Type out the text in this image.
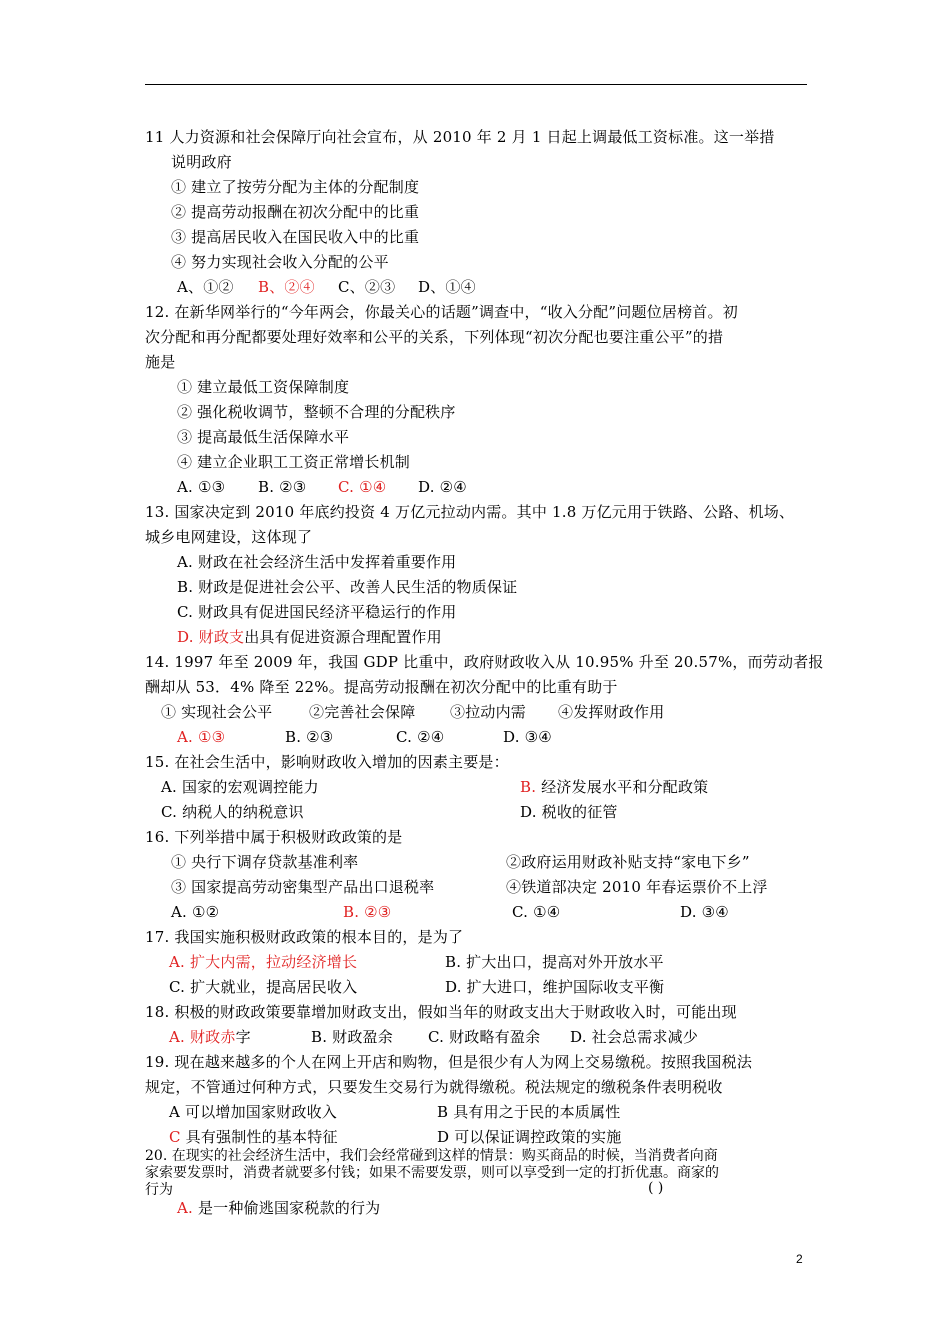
11 人力资源和社会保障厅向社会宣布，从 2010 年 2 月 1 日起上调最低工资标准。这一举措
说明政府
① 建立了按劳分配为主体的分配制度
② 提高劳动报酬在初次分配中的比重
③ 提高居民收入在国民收入中的比重
④ 努力实现社会收入分配的公平
A、①② B、②④ C、②③ D、①④
12. 在新华网举行的“今年两会，你最关心的话题”调查中，“收入分配”问题位居榜首。初
次分配和再分配都要处理好效率和公平的关系，下列体现“初次分配也要注重公平”的措
施是
① 建立最低工资保障制度
② 强化税收调节，整顿不合理的分配秩序
③ 提高最低生活保障水平
④ 建立企业职工工资正常增长机制
A. ①③ B. ②③ C. ①④ D. ②④
13. 国家决定到 2010 年底约投资 4 万亿元拉动内需。其中 1.8 万亿元用于铁路、公路、机场、
城乡电网建设，这体现了
A. 财政在社会经济生活中发挥着重要作用
B. 财政是促进社会公平、改善人民生活的物质保证
C. 财政具有促进国民经济平稳运行的作用
D. 财政支出具有促进资源合理配置作用
14. 1997 年至 2009 年，我国 GDP 比重中，政府财政收入从 10.95% 升至 20.57%，而劳动者报
酬却从 53．4% 降至 22%。提高劳动报酬在初次分配中的比重有助于
① 实现社会公平 ②完善社会保障 ③拉动内需 ④发挥财政作用
A. ①③	B. ②③	C. ②④	D. ③④
15. 在社会生活中，影响财政收入增加的因素主要是：
A. 国家的宏观调控能力	B. 经济发展水平和分配政策
C. 纳税人的纳税意识	D. 税收的征管
16. 下列举措中属于积极财政政策的是
① 央行下调存贷款基准利率	②政府运用财政补贴支持“家电下乡”
③ 国家提高劳动密集型产品出口退税率	④铁道部决定 2010 年春运票价不上浮
A. ①②	B. ②③	C. ①④	D. ③④
17. 我国实施积极财政政策的根本目的，是为了
A. 扩大内需，拉动经济增长	B. 扩大出口，提高对外开放水平
C. 扩大就业，提高居民收入	D. 扩大进口，维护国际收支平衡
18. 积极的财政政策要靠增加财政支出，假如当年的财政支出大于财政收入时，可能出现
A. 财政赤字	B. 财政盈余 C. 财政略有盈余 D. 社会总需求减少
19. 现在越来越多的个人在网上开店和购物，但是很少有人为网上交易缴税。按照我国税法
规定，不管通过何种方式，只要发生交易行为就得缴税。税法规定的缴税条件表明税收
A 可以增加国家财政收入	B 具有用之于民的本质属性
C 具有强制性的基本特征	D 可以保证调控政策的实施
20. 在现实的社会经济生活中，我们会经常碰到这样的情景：购买商品的时候，当消费者向商
家索要发票时，消费者就要多付钱；如果不需要发票，则可以享受到一定的打折优惠。商家的
行为	( )
A. 是一种偷逃国家税款的行为
2
